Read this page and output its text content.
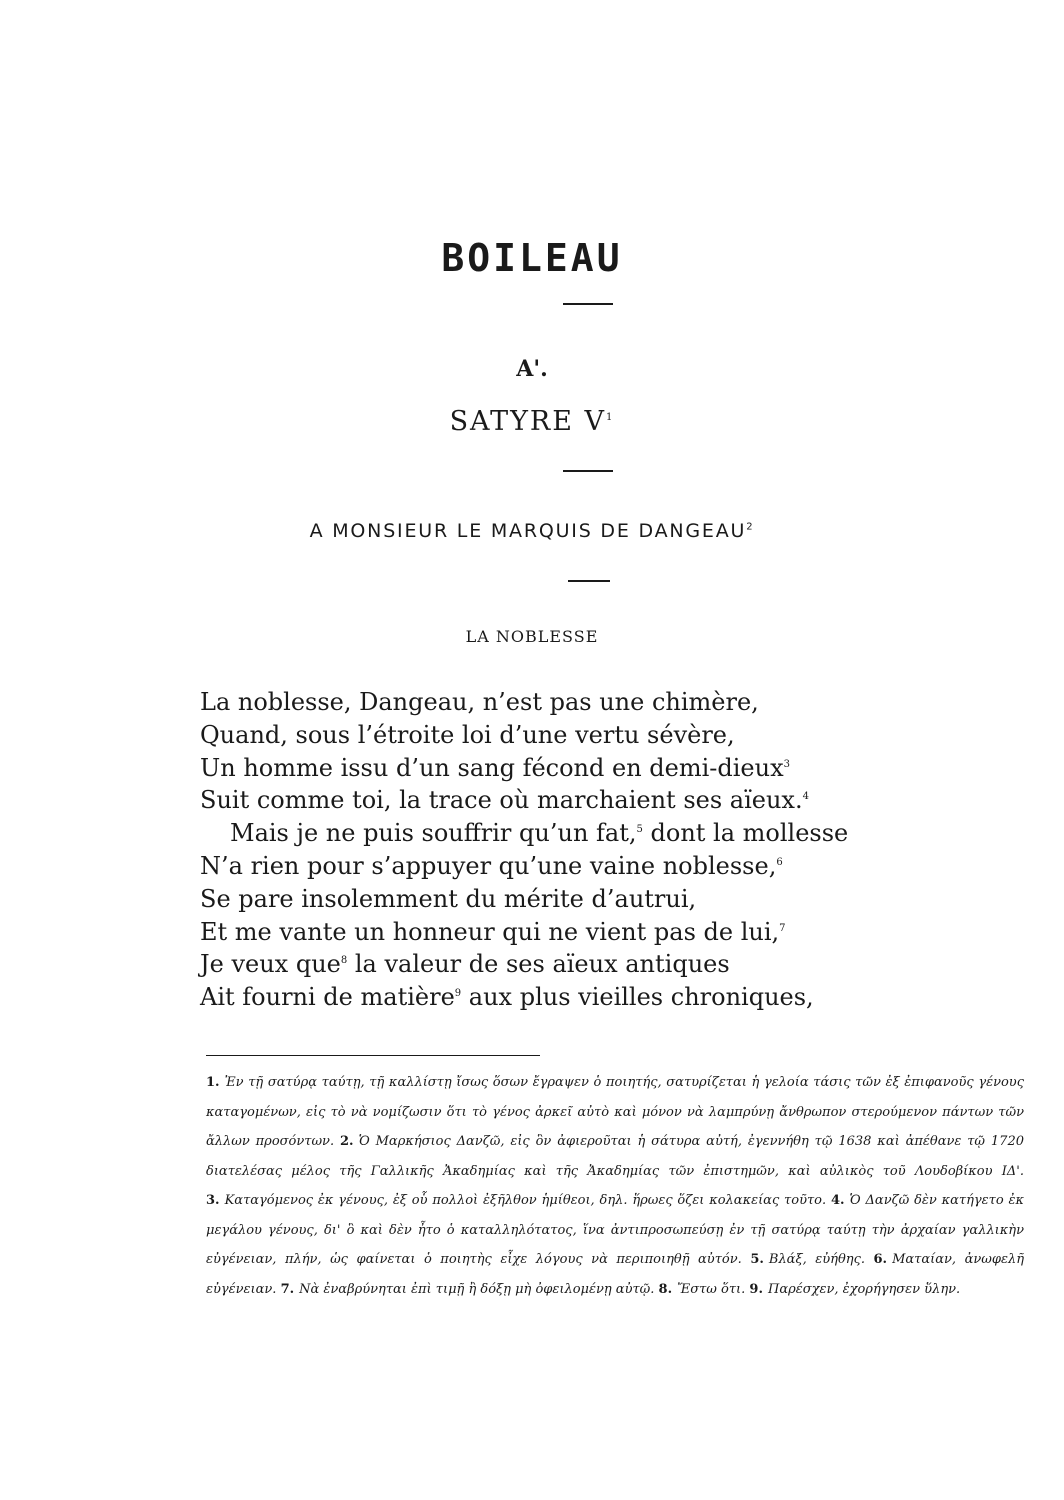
BOILEAU
A'.
SATYRE $V^1$
A MONSIEUR LE MARQUIS DE DANGEAU$^2$
LA NOBLESSE
La noblesse, Dangeau, n’est pas une chimère,
Quand, sous l’étroite loi d’une vertu sévère,
Un homme issu d’un sang fécond en demi-dieux$^3$
Suit comme toi, la trace où marchaient ses aïeux.$^4$
Mais je ne puis souffrir qu’un fat,$^5$ dont la mollesse
N’a rien pour s’appuyer qu’une vaine noblesse,$^6$
Se pare insolemment du mérite d’autrui,
Et me vante un honneur qui ne vient pas de lui,$^7$
Je veux que$^8$ la valeur de ses aïeux antiques
Ait fourni de matière$^9$ aux plus vieilles chroniques,
1. Ἐν τῇ σατύρᾳ ταύτῃ, τῇ καλλίστῃ ἴσως ὅσων ἔγραψεν ὁ ποιητής, σατυρίζεται ἡ γελοία τάσις τῶν ἐξ ἐπιφανοῦς γένους καταγομένων, εἰς τὸ νὰ νομίζωσιν ὅτι τὸ γένος ἀρκεῖ αὐτὸ καὶ μόνον νὰ λαμπρύνῃ ἄνθρωπον στερούμενον πάντων τῶν ἄλλων προσόντων. 2. Ὁ Μαρκήσιος Δανζῶ, εἰς ὃν ἀφιεροῦται ἡ σάτυρα αὐτή, ἐγεννήθη τῷ 1638 καὶ ἀπέθανε τῷ 1720 διατελέσας μέλος τῆς Γαλλικῆς Ἀκαδημίας καὶ τῆς Ἀκαδημίας τῶν ἐπιστημῶν, καὶ αὐλικὸς τοῦ Λουδοβίκου ΙΔ'. 3. Καταγόμενος ἐκ γένους, ἐξ οὗ πολλοὶ ἐξῆλθον ἡμίθεοι, δηλ. ἥρωες ὅζει κολακείας τοῦτο. 4. Ὁ Δανζῶ δὲν κατήγετο ἐκ μεγάλου γένους, δι' ὃ καὶ δὲν ἦτο ὁ καταλληλότατος, ἵνα ἀντιπροσωπεύσῃ ἐν τῇ σατύρᾳ ταύτῃ τὴν ἀρχαίαν γαλλικὴν εὐγένειαν, πλήν, ὡς φαίνεται ὁ ποιητὴς εἶχε λόγους νὰ περιποιηθῇ αὐτόν. 5. Βλάξ, εὐήθης. 6. Ματαίαν, ἀνωφελῆ εὐγένειαν. 7. Νὰ ἐναβρύνηται ἐπὶ τιμῇ ἢ δόξῃ μὴ ὀφειλομένῃ αὐτῷ. 8. Ἔστω ὅτι. 9. Παρέσχεν, ἐχορήγησεν ὕλην.
